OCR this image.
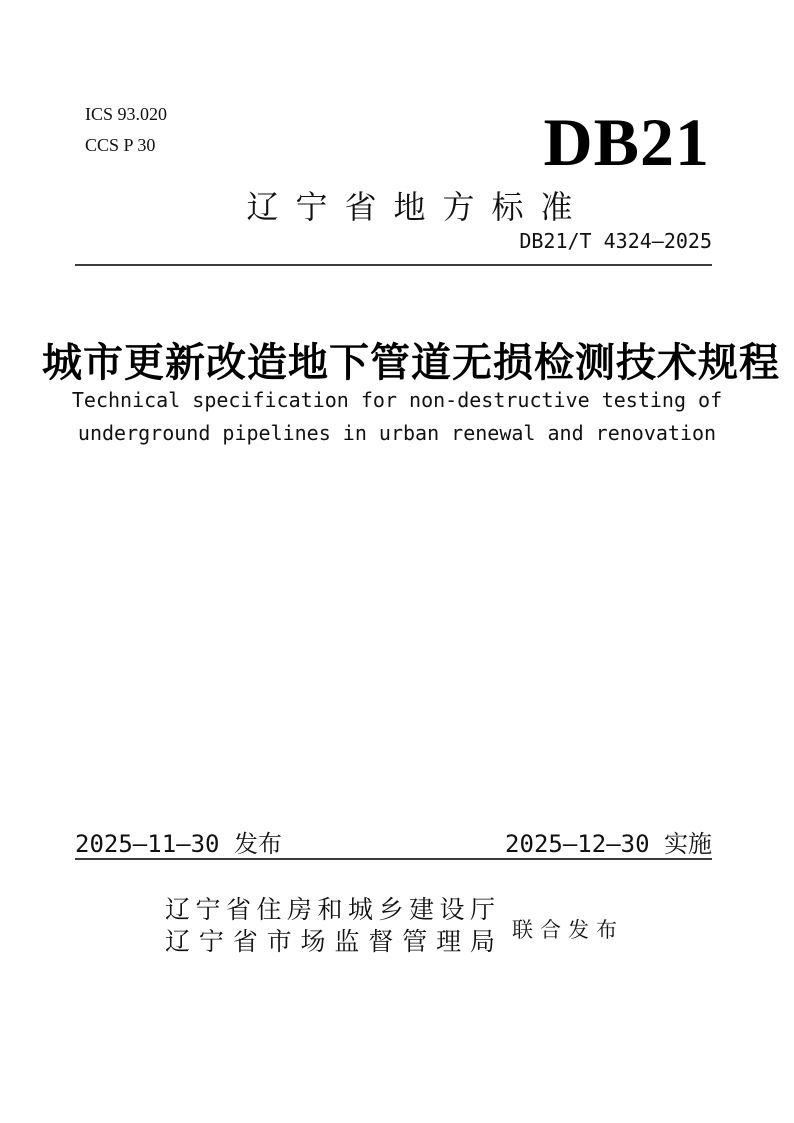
ICS 93.020
CCS P 30	DB21
辽宁省地方标准
DB21/T 4324—2025
城市更新改造地下管道无损检测技术规程
Technical specification for non-destructive testing of
underground pipelines in urban renewal and renovation
2025—11—30 发布	2025—12—30 实施
辽宁省住房和城乡建设厅
辽宁省市场监督管理局 联合发布
